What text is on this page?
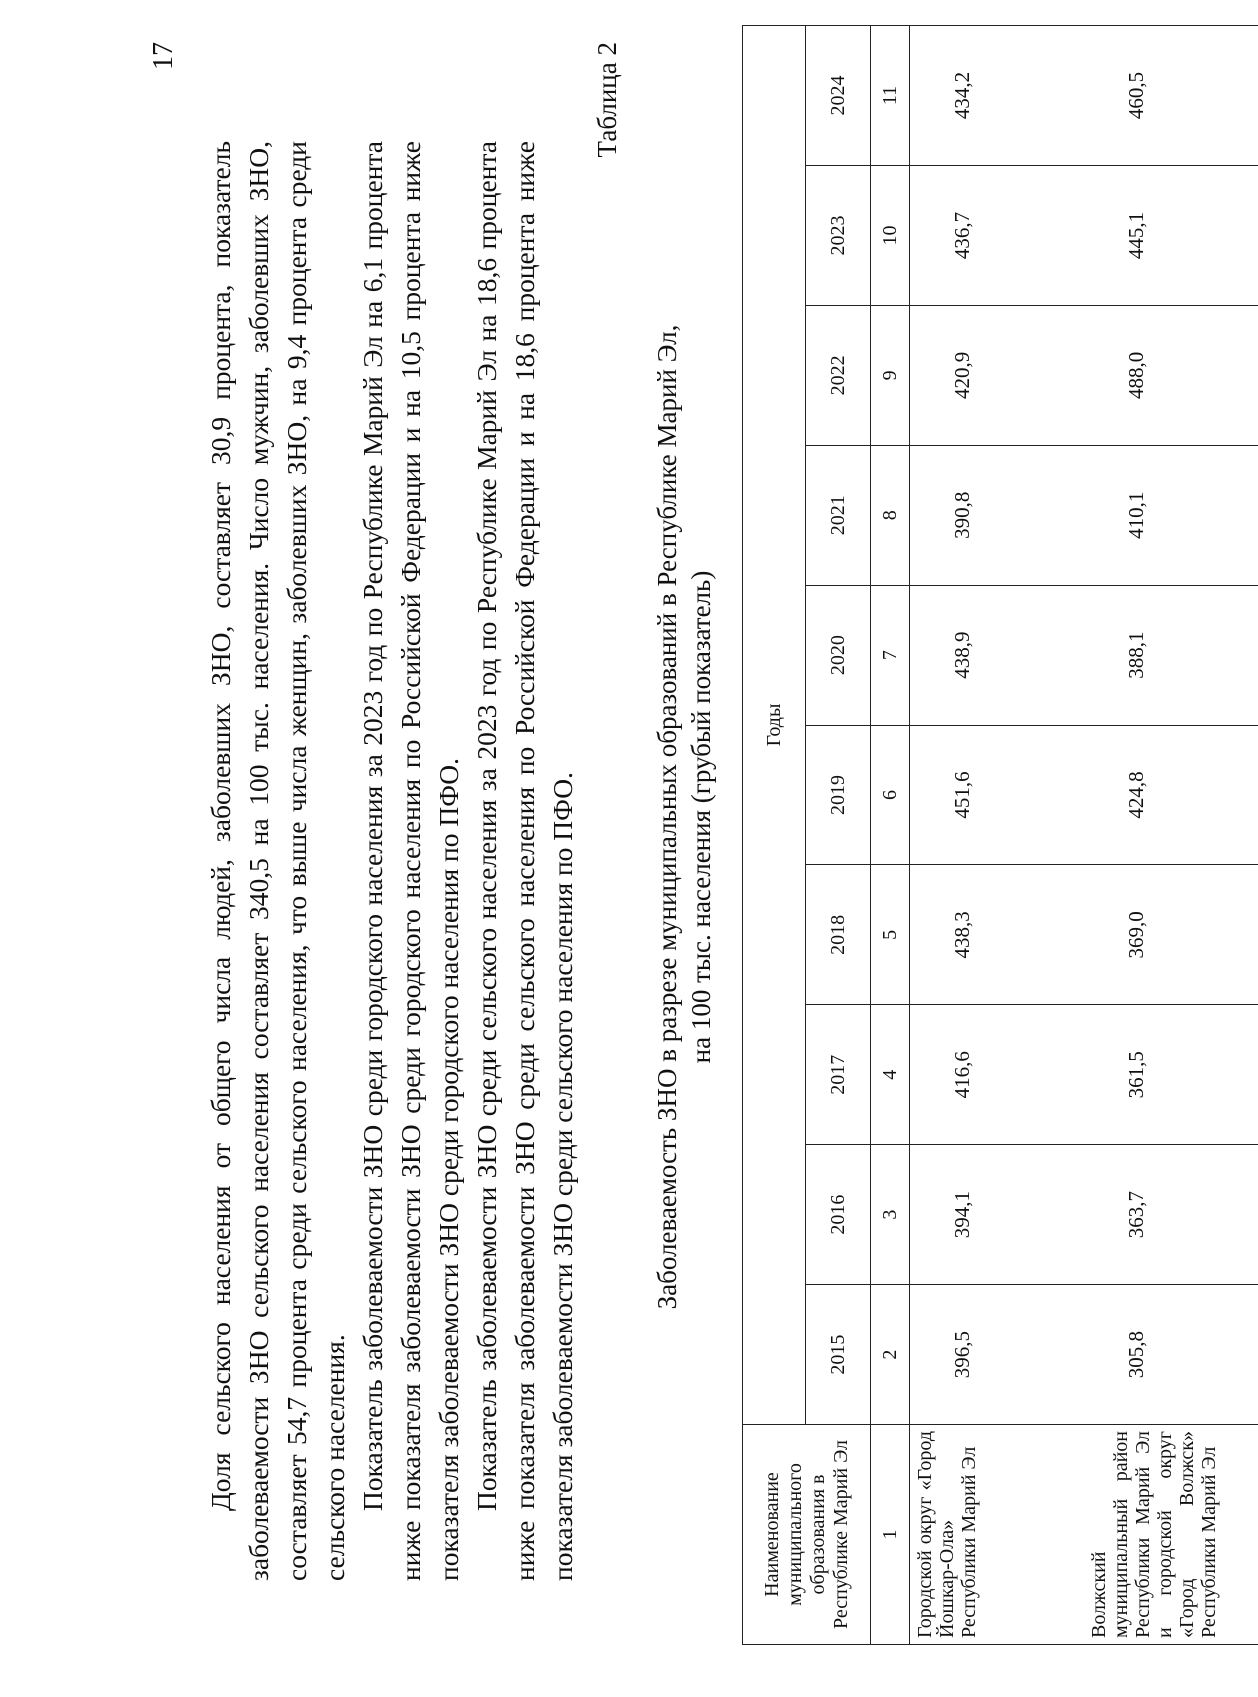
17

Доля сельского населения от общего числа людей, заболевших ЗНО, составляет 30,9 процента, показатель заболеваемости ЗНО сельского населения составляет 340,5 на 100 тыс. населения. Число мужчин, заболевших ЗНО, составляет 54,7 процента среди сельского населения, что выше числа женщин, заболевших ЗНО, на 9,4 процента среди сельского населения. Показатель заболеваемости ЗНО среди городского населения за 2023 год по Республике Марий Эл на 6,1 процента ниже показателя заболеваемости ЗНО среди городского населения по Российской Федерации и на 10,5 процента ниже показателя заболеваемости ЗНО среди городского населения по ПФО. Показатель заболеваемости ЗНО среди сельского населения за 2023 год по Республике Марий Эл на 18,6 процента ниже показателя заболеваемости ЗНО среди сельского населения по Российской Федерации и на 18,6 процента ниже показателя заболеваемости ЗНО среди сельского населения по ПФО.

Таблица 2
Заболеваемость ЗНО в разрезе муниципальных образований в Республике Марий Эл, на 100 тыс. населения (грубый показатель)
Наименование муниципального образования в Республике Марий Эл	Годы									
	2015	2016	2017	2018	2019	2020	2021	2022	2023	2024
1	2	3	4	5	6	7	8	9	10	11
Городской округ «Город Йошкар-Ола» Республики Марий Эл	396,5	394,1	416,6	438,3	451,6	438,9	390,8	420,9	436,7	434,2
Волжский муниципальный район Республики Марий Эл и городской округ «Город Волжск» Республики Марий Эл	305,8	363,7	361,5	369,0	424,8	388,1	410,1	488,0	445,1	460,5
